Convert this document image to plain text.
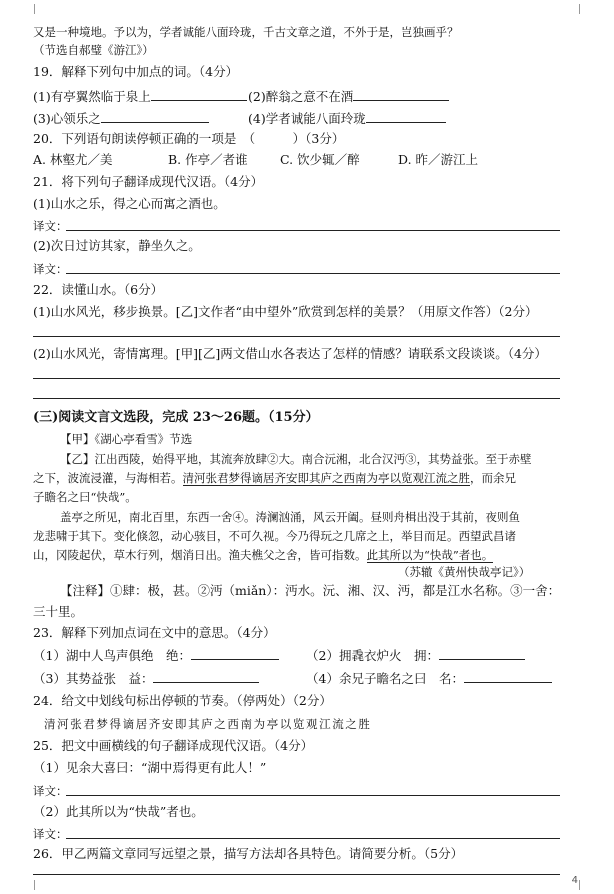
又是一种境地。予以为，学者诚能八面玲珑，千古文章之道，不外于是，岂独画乎？
（节选自郝璧《游江》）
19．解释下列句中加点的词。（4分）
(1)有亭翼然临于泉上	(2)醉翁之意不在酒
(3)心领乐之	(4)学者诚能八面玲珑
20．下列语句朗读停顿正确的一项是　（　　　）（3分）
A. 林壑尤／美	B. 作亭／者谁	C. 饮少辄／醉	D. 昨／游江上
21．将下列句子翻译成现代汉语。（4分）
(1)山水之乐，得之心而寓之酒也。
译文：
(2)次日过访其家，静坐久之。
译文：
22．读懂山水。（6分）
(1)山水风光，移步换景。[乙]文作者“由中望外”欣赏到怎样的美景？（用原文作答）（2分）
(2)山水风光，寄情寓理。[甲][乙]两文借山水各表达了怎样的情感？请联系文段谈谈。（4分）
(三)阅读文言文选段，完成 23～26题。（15分）
【甲】《湖心亭看雪》节选
【乙】江出西陵，始得平地，其流奔放肆②大。南合沅湘，北合汉沔③，其势益张。至于赤壁
之下，波流浸灌，与海相若。清河张君梦得谪居齐安即其庐之西南为亭以览观江流之胜，而余兄
子瞻名之曰“快哉”。
盖亭之所见，南北百里，东西一舍④。涛澜汹涌，风云开阖。昼则舟楫出没于其前，夜则鱼
龙悲啸于其下。变化倏忽，动心骇目，不可久视。今乃得玩之几席之上，举目而足。西望武昌诸
山，冈陵起伏，草木行列，烟消日出。渔夫樵父之舍，皆可指数。此其所以为“快哉”者也。
（苏辙《黄州快哉亭记》）
【注释】①肆：极，甚。②沔（miǎn）：沔水。沅、湘、汉、沔，都是江水名称。③一舍：
三十里。
23．解释下列加点词在文中的意思。（4分）
（1）湖中人鸟声俱绝　绝：	（2）拥毳衣炉火　拥：
（3）其势益张　益：	（4）余兄子瞻名之曰　名：
24．给文中划线句标出停顿的节奏。（停两处）（2分）
清河张君梦得谪居齐安即其庐之西南为亭以览观江流之胜
25．把文中画横线的句子翻译成现代汉语。（4分）
（1）见余大喜曰：“湖中焉得更有此人！”
译文：
（2）此其所以为“快哉”者也。
译文：
26．甲乙两篇文章同写远望之景，描写方法却各具特色。请简要分析。（5分）
4
